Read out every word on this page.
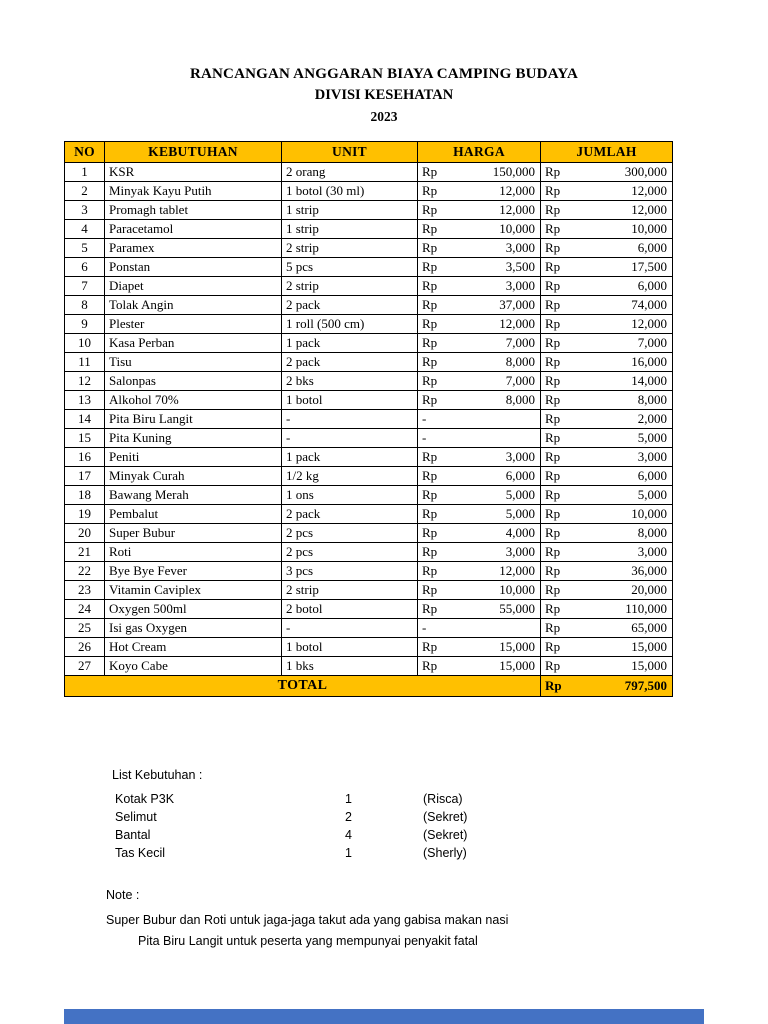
RANCANGAN ANGGARAN BIAYA CAMPING BUDAYA
DIVISI KESEHATAN
2023
NO	KEBUTUHAN	UNIT	HARGA	JUMLAH
1	KSR	2 orang	Rp 150,000	Rp 300,000

2	Minyak Kayu Putih	1 botol (30 ml)	Rp 12,000	Rp 12,000

3	Promagh tablet	1 strip	Rp 12,000	Rp 12,000

4	Paracetamol	1 strip	Rp 10,000	Rp 10,000

5	Paramex	2 strip	Rp 3,000	Rp 6,000

6	Ponstan	5 pcs	Rp 3,500	Rp 17,500

7	Diapet	2 strip	Rp 3,000	Rp 6,000

8	Tolak Angin	2 pack	Rp 37,000	Rp 74,000

9	Plester	1 roll (500 cm)	Rp 12,000	Rp 12,000

10	Kasa Perban	1 pack	Rp 7,000	Rp 7,000

11	Tisu	2 pack	Rp 8,000	Rp 16,000

12	Salonpas	2 bks	Rp 7,000	Rp 14,000

13	Alkohol 70%	1 botol	Rp 8,000	Rp 8,000

14	Pita Biru Langit	-	-	Rp 2,000

15	Pita Kuning	-	-	Rp 5,000

16	Peniti	1 pack	Rp 3,000	Rp 3,000

17	Minyak Curah	1/2 kg	Rp 6,000	Rp 6,000

18	Bawang Merah	1 ons	Rp 5,000	Rp 5,000

19	Pembalut	2 pack	Rp 5,000	Rp 10,000

20	Super Bubur	2 pcs	Rp 4,000	Rp 8,000

21	Roti	2 pcs	Rp 3,000	Rp 3,000

22	Bye Bye Fever	3 pcs	Rp 12,000	Rp 36,000

23	Vitamin Caviplex	2 strip	Rp 10,000	Rp 20,000

24	Oxygen 500ml	2 botol	Rp 55,000	Rp 110,000

25	Isi gas Oxygen	-	-	Rp 65,000

26	Hot Cream	1 botol	Rp 15,000	Rp 15,000

27	Koyo Cabe	1 bks	Rp 15,000	Rp 15,000

TOTAL				Rp 797,500
List Kebutuhan :
Kotak P3K	1	(Risca)
Selimut	2	(Sekret)
Bantal	4	(Sekret)
Tas Kecil	1	(Sherly)
Note :
Super Bubur dan Roti untuk jaga-jaga takut ada yang gabisa makan nasi
Pita Biru Langit untuk peserta yang mempunyai penyakit fatal
